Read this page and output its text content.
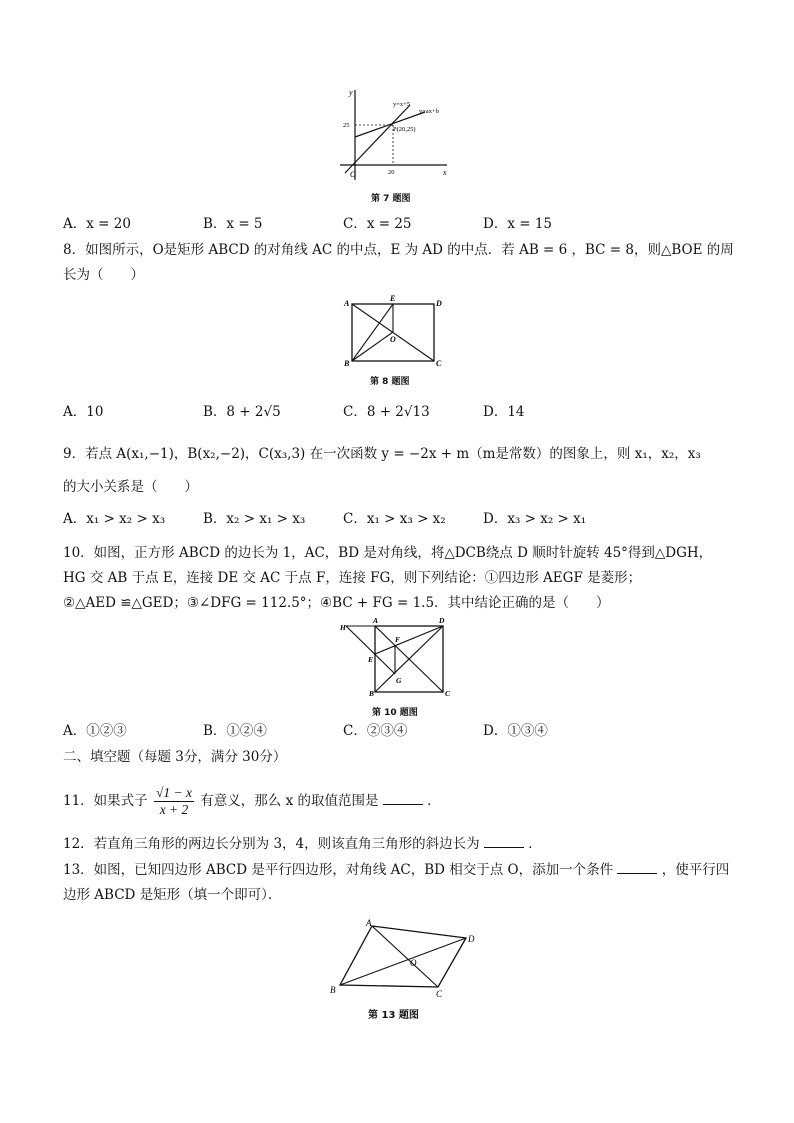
y
x
O
y=x+5
y=ax+b
P(20,25)
25
20
第 7 题图
A．x = 20	B．x = 5	C．x = 25	D．x = 15
8．如图所示，O是矩形 ABCD 的对角线 AC 的中点，E 为 AD 的中点．若 AB = 6 ，BC = 8，则△BOE 的周
长为（　　）
A
B	C
D
E
O
第 8 题图
A．10	B．8 + 2√5	C．8 + 2√13	D．14
9．若点 A(x₁,−1)，B(x₂,−2)，C(x₃,3) 在一次函数 y = −2x + m（m是常数）的图象上，则 x₁，x₂，x₃
的大小关系是（　　）
A．x₁ > x₂ > x₃	B．x₂ > x₁ > x₃	C．x₁ > x₃ > x₂	D．x₃ > x₂ > x₁
10．如图，正方形 ABCD 的边长为 1，AC，BD 是对角线，将△DCB绕点 D 顺时针旋转 45°得到△DGH，
HG 交 AB 于点 E，连接 DE 交 AC 于点 F，连接 FG，则下列结论：①四边形 AEGF 是菱形；
②△AED ≌△GED；③∠DFG = 112.5°；④BC + FG = 1.5．其中结论正确的是（　　）
H
A	D
F
E
G
B	C
第 10 题图
A．①②③	B．①②④	C．②③④	D．①③④
二、填空题（每题 3分，满分 30分）
11．如果式子 $\frac{√1 - x}{x + 2}$ 有意义，那么 x 的取值范围是	．
12．若直角三角形的两边长分别为 3，4，则该直角三角形的斜边长为	．
13．如图，已知四边形 ABCD 是平行四边形，对角线 AC，BD 相交于点 O，添加一个条件	，使平行四
边形 ABCD 是矩形（填一个即可）．
A
B	C
D
O
第 13 题图
